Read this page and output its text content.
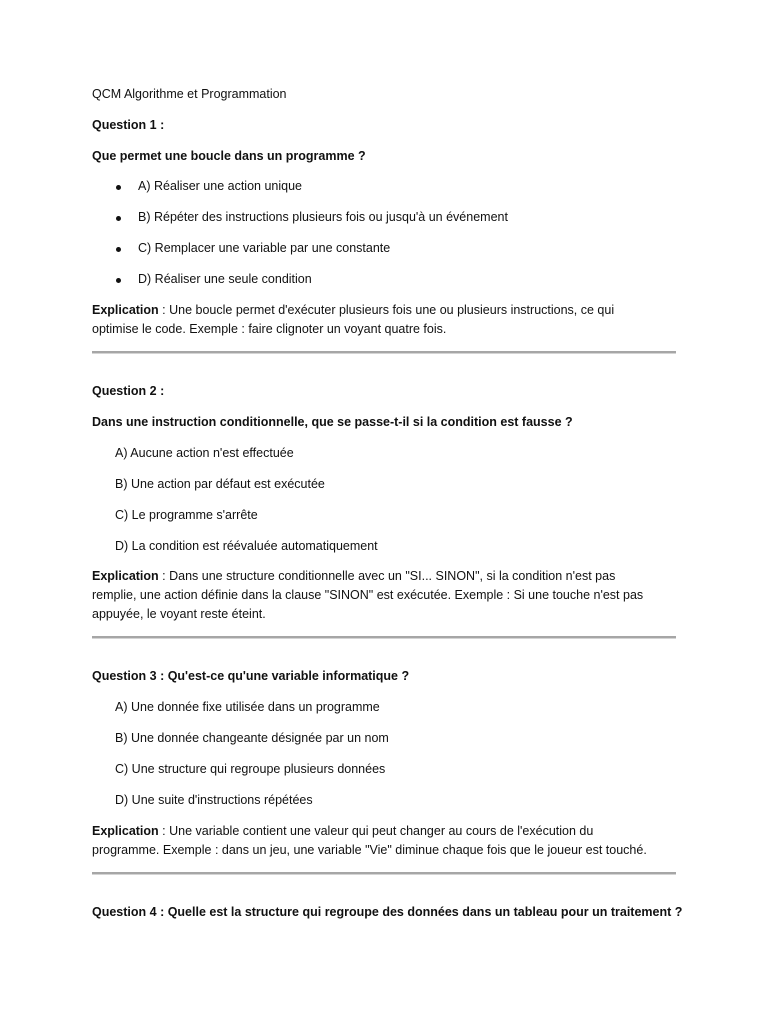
QCM Algorithme et Programmation
Question 1 :
Que permet une boucle dans un programme ?
A) Réaliser une action unique
B) Répéter des instructions plusieurs fois ou jusqu'à un événement
C) Remplacer une variable par une constante
D) Réaliser une seule condition
Explication : Une boucle permet d'exécuter plusieurs fois une ou plusieurs instructions, ce qui
optimise le code. Exemple : faire clignoter un voyant quatre fois.
Question 2 :
Dans une instruction conditionnelle, que se passe-t-il si la condition est fausse ?
A) Aucune action n'est effectuée
B) Une action par défaut est exécutée
C) Le programme s'arrête
D) La condition est réévaluée automatiquement
Explication : Dans une structure conditionnelle avec un "SI... SINON", si la condition n'est pas
remplie, une action définie dans la clause "SINON" est exécutée. Exemple : Si une touche n'est pas
appuyée, le voyant reste éteint.
Question 3 : Qu'est-ce qu'une variable informatique ?
A) Une donnée fixe utilisée dans un programme
B) Une donnée changeante désignée par un nom
C) Une structure qui regroupe plusieurs données
D) Une suite d'instructions répétées
Explication : Une variable contient une valeur qui peut changer au cours de l'exécution du
programme. Exemple : dans un jeu, une variable "Vie" diminue chaque fois que le joueur est touché.
Question 4 : Quelle est la structure qui regroupe des données dans un tableau pour un traitement ?
